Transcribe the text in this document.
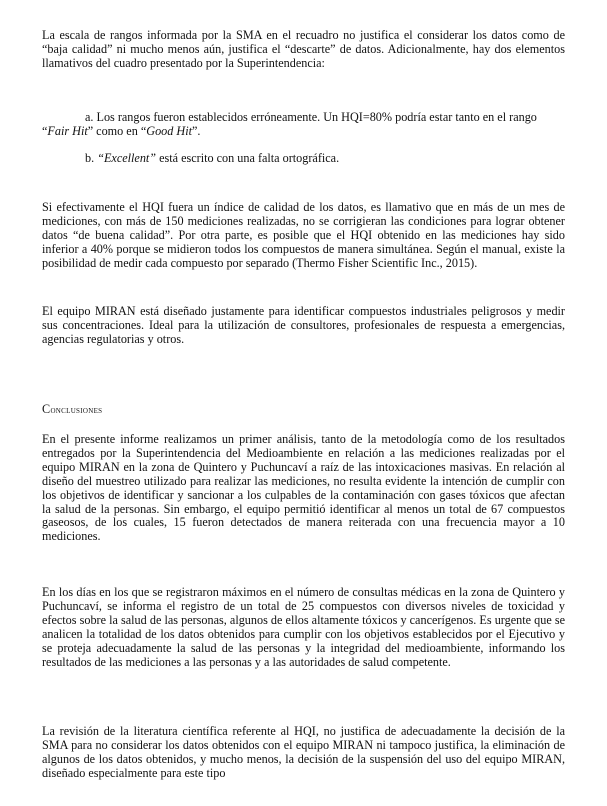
La escala de rangos informada por la SMA en el recuadro no justifica el considerar los datos como de “baja calidad” ni mucho menos aún, justifica el “descarte” de datos. Adicionalmente, hay dos elementos llamativos del cuadro presentado por la Superintendencia:

a. Los rangos fueron establecidos erróneamente. Un HQI=80% podría estar tanto en el rango “Fair Hit” como en “Good Hit”.

b. “Excellent” está escrito con una falta ortográfica.

Si efectivamente el HQI fuera un índice de calidad de los datos, es llamativo que en más de un mes de mediciones, con más de 150 mediciones realizadas, no se corrigieran las condiciones para lograr obtener datos “de buena calidad”. Por otra parte, es posible que el HQI obtenido en las mediciones hay sido inferior a 40% porque se midieron todos los compuestos de manera simultánea. Según el manual, existe la posibilidad de medir cada compuesto por separado (Thermo Fisher Scientific Inc., 2015).

El equipo MIRAN está diseñado justamente para identificar compuestos industriales peligrosos y medir sus concentraciones. Ideal para la utilización de consultores, profesionales de respuesta a emergencias, agencias regulatorias y otros.

Conclusiones

En el presente informe realizamos un primer análisis, tanto de la metodología como de los resultados entregados por la Superintendencia del Medioambiente en relación a las mediciones realizadas por el equipo MIRAN en la zona de Quintero y Puchuncaví a raíz de las intoxicaciones masivas. En relación al diseño del muestreo utilizado para realizar las mediciones, no resulta evidente la intención de cumplir con los objetivos de identificar y sancionar a los culpables de la contaminación con gases tóxicos que afectan la salud de la personas. Sin embargo, el equipo permitió identificar al menos un total de 67 compuestos gaseosos, de los cuales, 15 fueron detectados de manera reiterada con una frecuencia mayor a 10 mediciones.

En los días en los que se registraron máximos en el número de consultas médicas en la zona de Quintero y Puchuncaví, se informa el registro de un total de 25 compuestos con diversos niveles de toxicidad y efectos sobre la salud de las personas, algunos de ellos altamente tóxicos y cancerígenos. Es urgente que se analicen la totalidad de los datos obtenidos para cumplir con los objetivos establecidos por el Ejecutivo y se proteja adecuadamente la salud de las personas y la integridad del medioambiente, informando los resultados de las mediciones a las personas y a las autoridades de salud competente.

La revisión de la literatura científica referente al HQI, no justifica de adecuadamente la decisión de la SMA para no considerar los datos obtenidos con el equipo MIRAN ni tampoco justifica, la eliminación de algunos de los datos obtenidos, y mucho menos, la decisión de la suspensión del uso del equipo MIRAN, diseñado especialmente para este tipo
